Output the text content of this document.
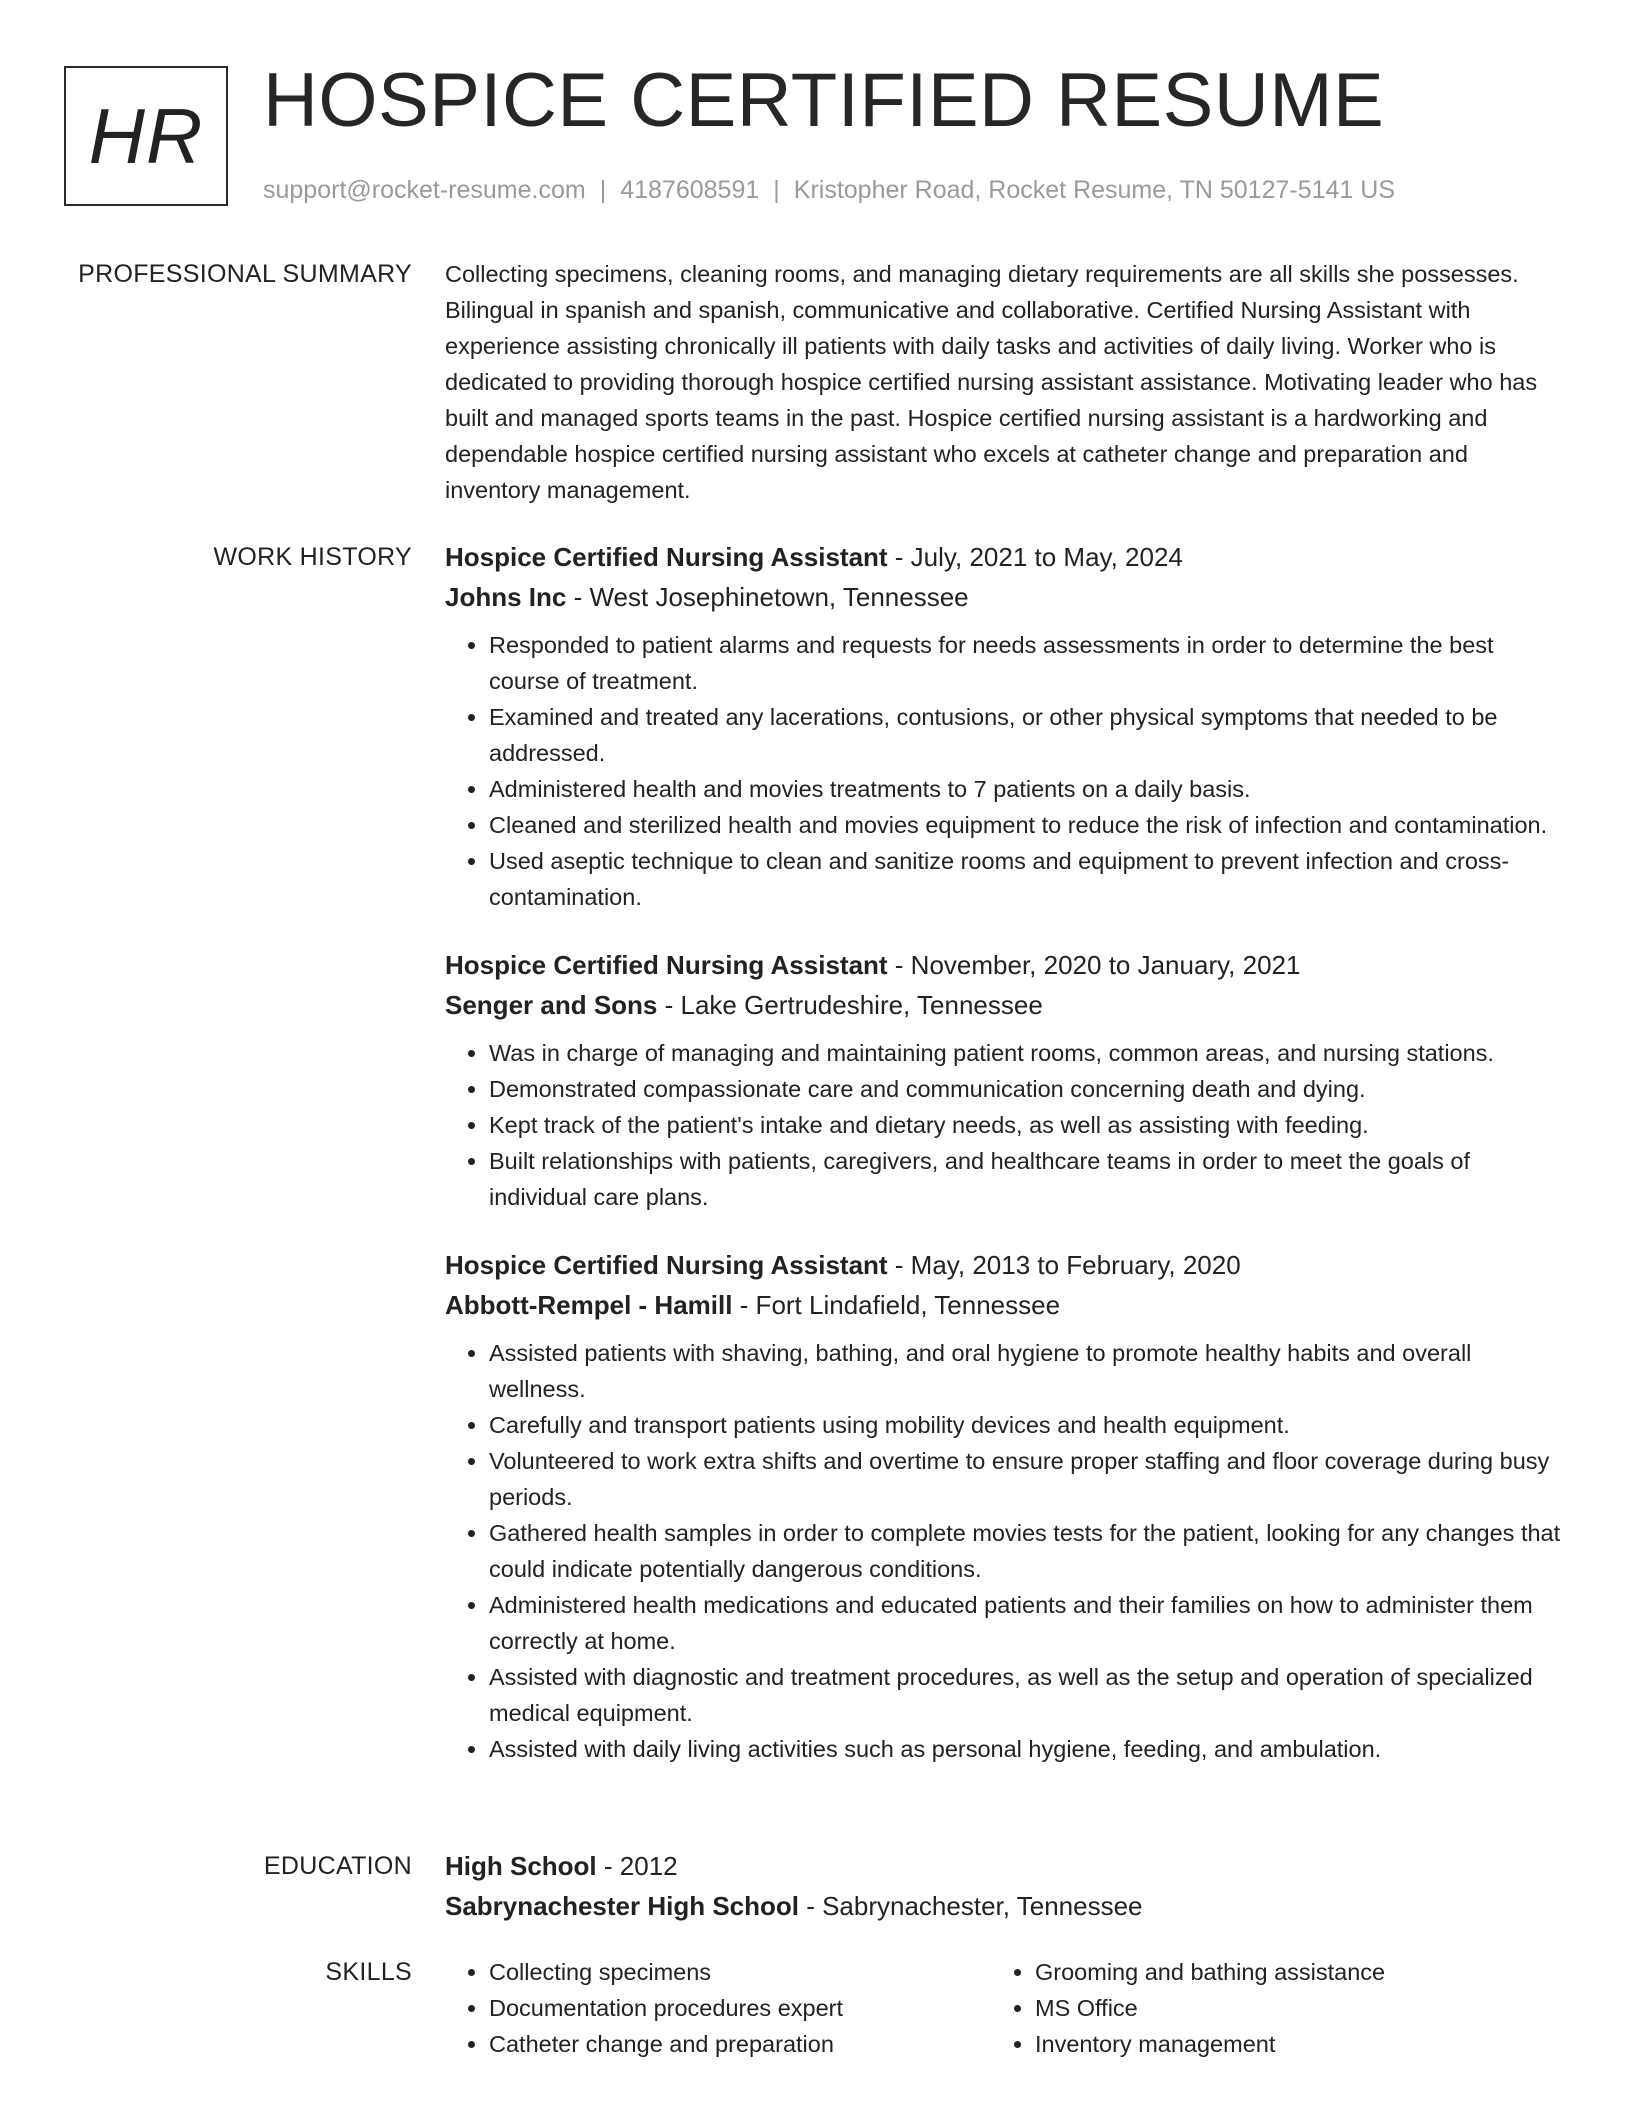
HR HOSPICE CERTIFIED RESUME
support@rocket-resume.com | 4187608591 | Kristopher Road, Rocket Resume, TN 50127-5141 US
PROFESSIONAL SUMMARY Collecting specimens, cleaning rooms, and managing dietary requirements are all skills she possesses. Bilingual in spanish and spanish, communicative and collaborative. Certified Nursing Assistant with experience assisting chronically ill patients with daily tasks and activities of daily living. Worker who is dedicated to providing thorough hospice certified nursing assistant assistance. Motivating leader who has built and managed sports teams in the past. Hospice certified nursing assistant is a hardworking and dependable hospice certified nursing assistant who excels at catheter change and preparation and inventory management.

WORK HISTORY Hospice Certified Nursing Assistant - July, 2021 to May, 2024
Johns Inc - West Josephinetown, Tennessee
• Responded to patient alarms and requests for needs assessments in order to determine the best course of treatment.
• Examined and treated any lacerations, contusions, or other physical symptoms that needed to be addressed.
• Administered health and movies treatments to 7 patients on a daily basis.
• Cleaned and sterilized health and movies equipment to reduce the risk of infection and contamination.
• Used aseptic technique to clean and sanitize rooms and equipment to prevent infection and cross-contamination.
Hospice Certified Nursing Assistant - November, 2020 to January, 2021
Senger and Sons - Lake Gertrudeshire, Tennessee
• Was in charge of managing and maintaining patient rooms, common areas, and nursing stations.
• Demonstrated compassionate care and communication concerning death and dying.
• Kept track of the patient's intake and dietary needs, as well as assisting with feeding.
• Built relationships with patients, caregivers, and healthcare teams in order to meet the goals of individual care plans.
Hospice Certified Nursing Assistant - May, 2013 to February, 2020
Abbott-Rempel - Hamill - Fort Lindafield, Tennessee
• Assisted patients with shaving, bathing, and oral hygiene to promote healthy habits and overall wellness.
• Carefully and transport patients using mobility devices and health equipment.
• Volunteered to work extra shifts and overtime to ensure proper staffing and floor coverage during busy periods.
• Gathered health samples in order to complete movies tests for the patient, looking for any changes that could indicate potentially dangerous conditions.
• Administered health medications and educated patients and their families on how to administer them correctly at home.
• Assisted with diagnostic and treatment procedures, as well as the setup and operation of specialized medical equipment.
• Assisted with daily living activities such as personal hygiene, feeding, and ambulation.
EDUCATION High School - 2012
Sabrynachester High School - Sabrynachester, Tennessee
SKILLS
•	Collecting specimens
• Documentation procedures expert
• Catheter change and preparation
• Grooming and bathing assistance
• MS Office
• Inventory management
